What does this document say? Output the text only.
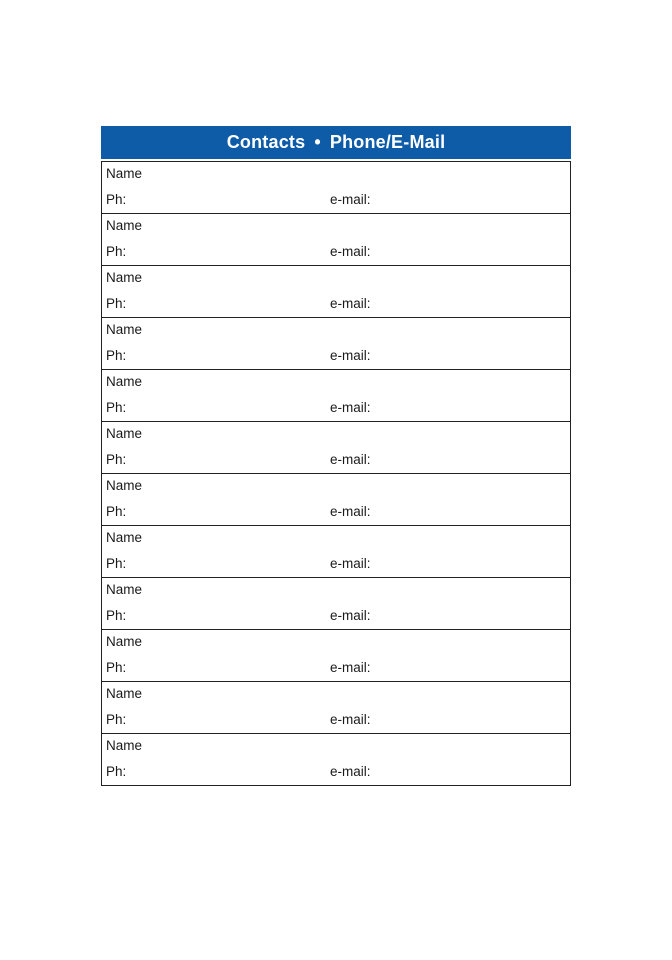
Contacts • Phone/E-Mail
Name
Ph:	e-mail:
Name
Ph:	e-mail:
Name
Ph:	e-mail:
Name
Ph:	e-mail:
Name
Ph:	e-mail:
Name
Ph:	e-mail:
Name
Ph:	e-mail:
Name
Ph:	e-mail:
Name
Ph:	e-mail:
Name
Ph:	e-mail:
Name
Ph:	e-mail:
Name
Ph:	e-mail:
